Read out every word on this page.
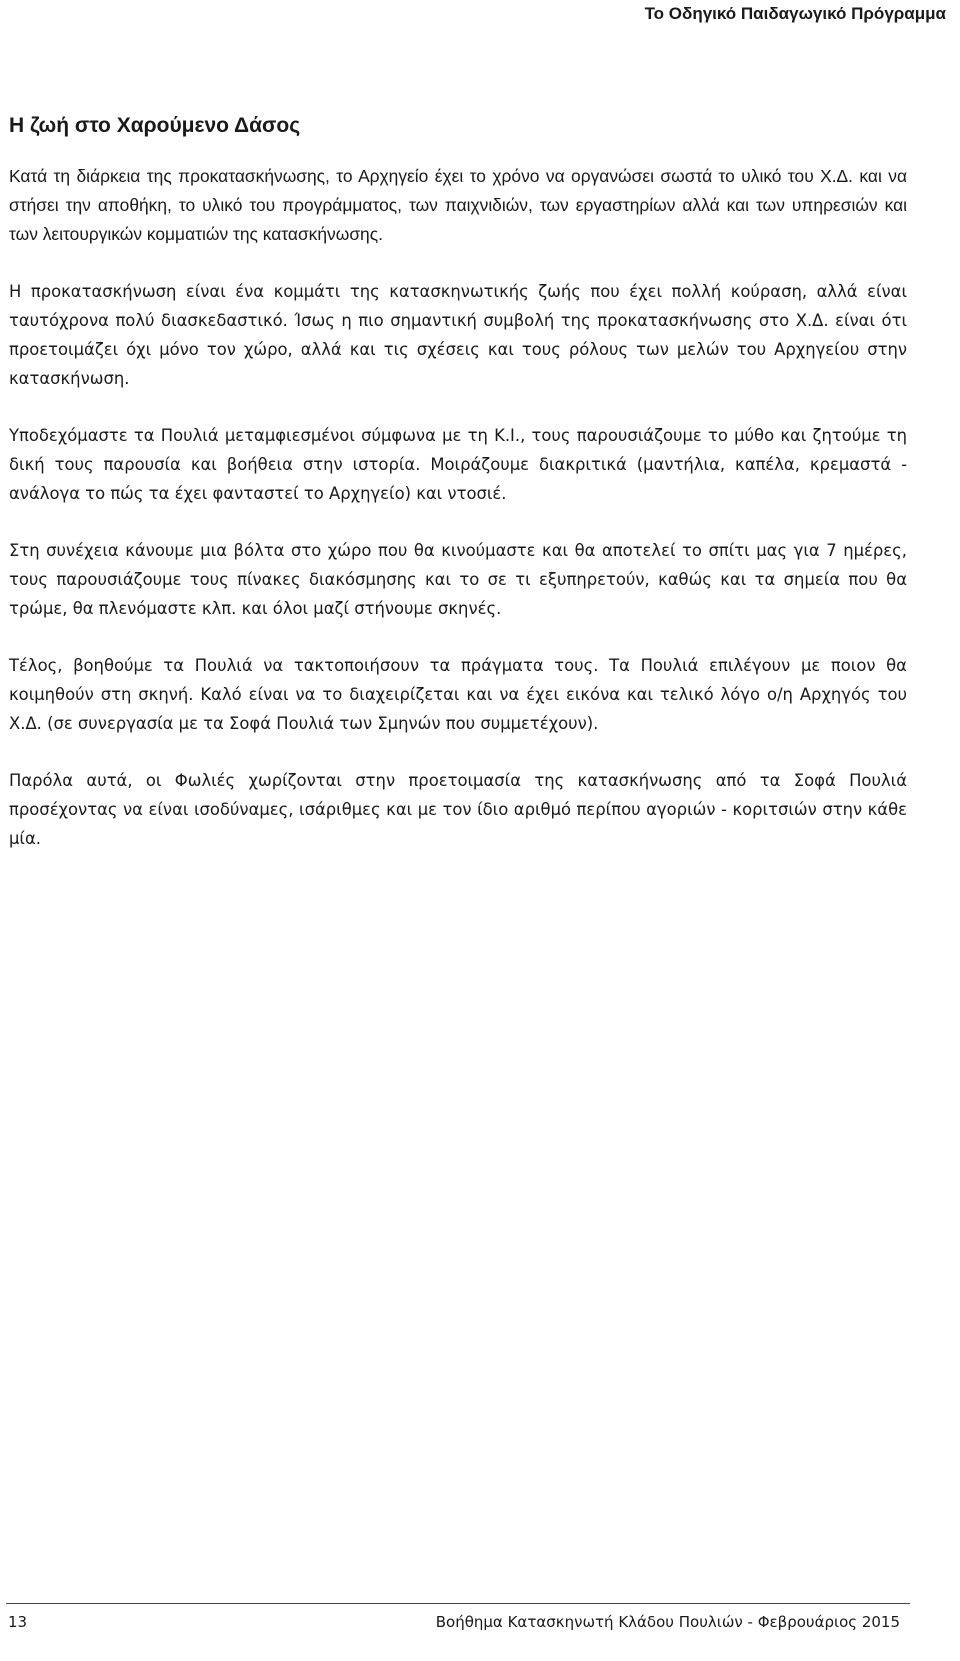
Το Οδηγικό Παιδαγωγικό Πρόγραμμα
Η ζωή στο Χαρούμενο Δάσος

Κατά τη διάρκεια της προκατασκήνωσης, το Αρχηγείο έχει το χρόνο να οργανώσει σωστά το υλικό του Χ.Δ. και να στήσει την αποθήκη, το υλικό του προγράμματος, των παιχνιδιών, των εργαστηρίων αλλά και των υπηρεσιών και των λειτουργικών κομματιών της κατασκήνωσης.

Η προκατασκήνωση είναι ένα κομμάτι της κατασκηνωτικής ζωής που έχει πολλή κούραση, αλλά είναι ταυτόχρονα πολύ διασκεδαστικό. Ίσως η πιο σημαντική συμβολή της προκατασκήνωσης στο Χ.Δ. είναι ότι προετοιμάζει όχι μόνο τον χώρο, αλλά και τις σχέσεις και τους ρόλους των μελών του Αρχηγείου στην κατασκήνωση.

Υποδεχόμαστε τα Πουλιά μεταμφιεσμένοι σύμφωνα με τη Κ.Ι., τους παρουσιάζουμε το μύθο και ζητούμε τη δική τους παρουσία και βοήθεια στην ιστορία. Μοιράζουμε διακριτικά (μαντήλια, καπέλα, κρεμαστά - ανάλογα το πώς τα έχει φανταστεί το Αρχηγείο) και ντοσιέ.

Στη συνέχεια κάνουμε μια βόλτα στο χώρο που θα κινούμαστε και θα αποτελεί το σπίτι μας για 7 ημέρες, τους παρουσιάζουμε τους πίνακες διακόσμησης και το σε τι εξυπηρετούν, καθώς και τα σημεία που θα τρώμε, θα πλενόμαστε κλπ. και όλοι μαζί στήνουμε σκηνές.

Τέλος, βοηθούμε τα Πουλιά να τακτοποιήσουν τα πράγματα τους. Τα Πουλιά επιλέγουν με ποιον θα κοιμηθούν στη σκηνή. Καλό είναι να το διαχειρίζεται και να έχει εικόνα και τελικό λόγο ο/η Αρχηγός του Χ.Δ. (σε συνεργασία με τα Σοφά Πουλιά των Σμηνών που συμμετέχουν).

Παρόλα αυτά, οι Φωλιές χωρίζονται στην προετοιμασία της κατασκήνωσης από τα Σοφά Πουλιά προσέχοντας να είναι ισοδύναμες, ισάριθμες και με τον ίδιο αριθμό περίπου αγοριών - κοριτσιών στην κάθε μία.

13	Βοήθημα Κατασκηνωτή Κλάδου Πουλιών - Φεβρουάριος 2015
